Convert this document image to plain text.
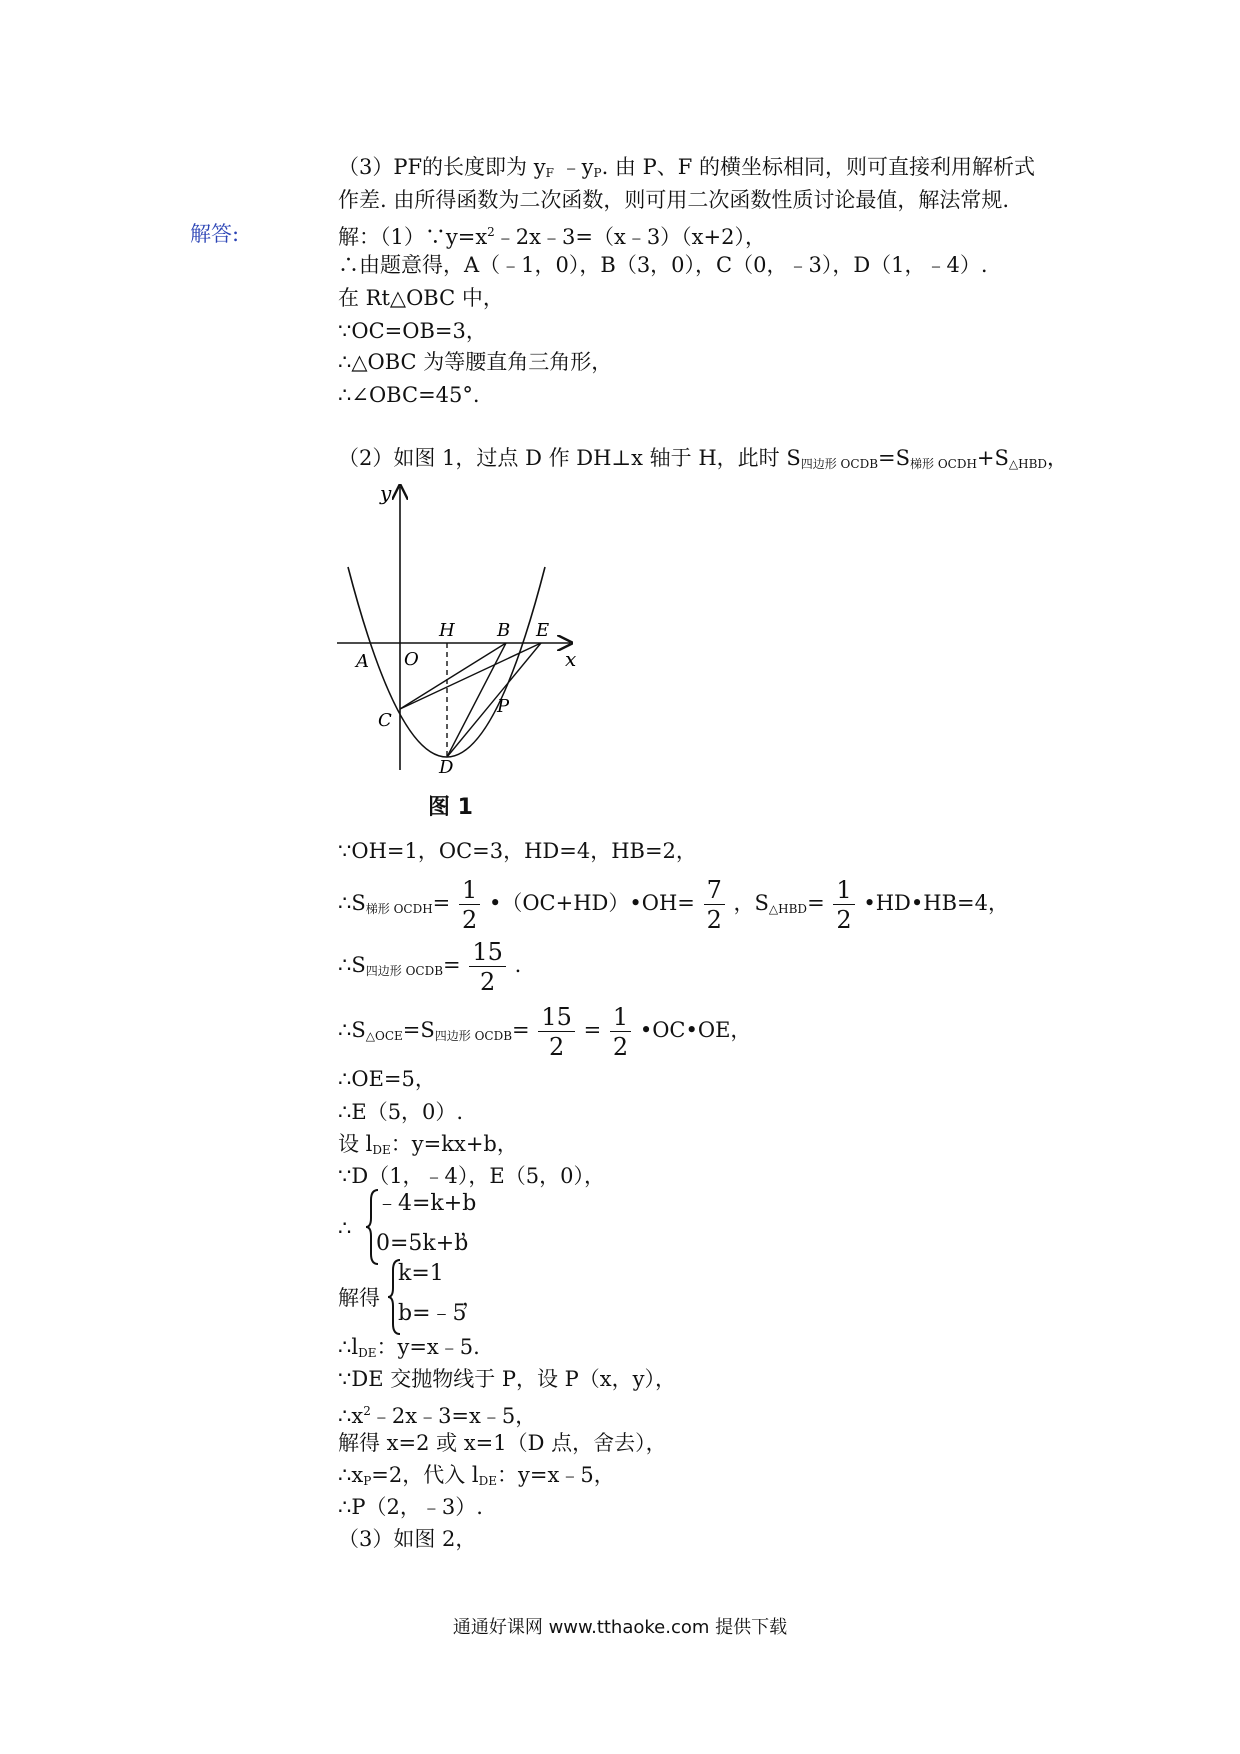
（3）PF的长度即为 $y_F$ $﹣y_P$. 由 P、F 的横坐标相同，则可直接利用解析式
作差. 由所得函数为二次函数，则可用二次函数性质讨论最值，解法常规.
解答:	解：$(1)\because y=x^2﹣2x﹣3=(x﹣3)(x+2)$，
∴由题意得，A（﹣1，0），B（3，0），C（0，﹣3），D（1，﹣4）.
在 Rt△OBC 中，
∵OC=OB=3，
∴△OBC 为等腰直角三角形，
∴∠OBC=45°.
（2）如图 1，过点 D 作 DH⊥x 轴于 H，此时 $S_{四边形 OCDB}=S_{梯形 OCDH}+S_{\triangle HBD}$，
y
x
O
A
H B E
C
P
D
图 1
∵OH=1，OC=3，HD=4，HB=2，
$\therefore S_{梯形 OCDH}= \frac{1}{2}$ •（OC+HD）•OH= $\frac{7}{2}$ ，$S_{\triangle HBD}= \frac{1}{2}$ •HD•HB=4，
$\therefore S_{四边形 OCDB}= \frac{15}{2}$ .
$\therefore S_{\triangle OCE}=S_{四边形 OCDB}= \frac{15}{2} = \frac{1}{2}$ •OC•OE，
∴OE=5，
∴E（5，0）.
设 $l_{DE}$：y=kx+b，
∵D（1，﹣4），E（5，0），
∴
﹣4=k+b
0=5k+b
，
解得
k=1
b=﹣5
，
$\therefore l_{DE}$：y=x﹣5.
∵DE 交抛物线于 P，设 P（x，y），
$\therefore x^2﹣2x﹣3=x﹣5$，
解得 x=2 或 x=1（D 点，舍去），
$\therefore x_P=2$，代入 $l_{DE}$：y=x﹣5，
∴P（2，﹣3）.
（3）如图 2，
通通好课网 www.tthaoke.com 提供下载
